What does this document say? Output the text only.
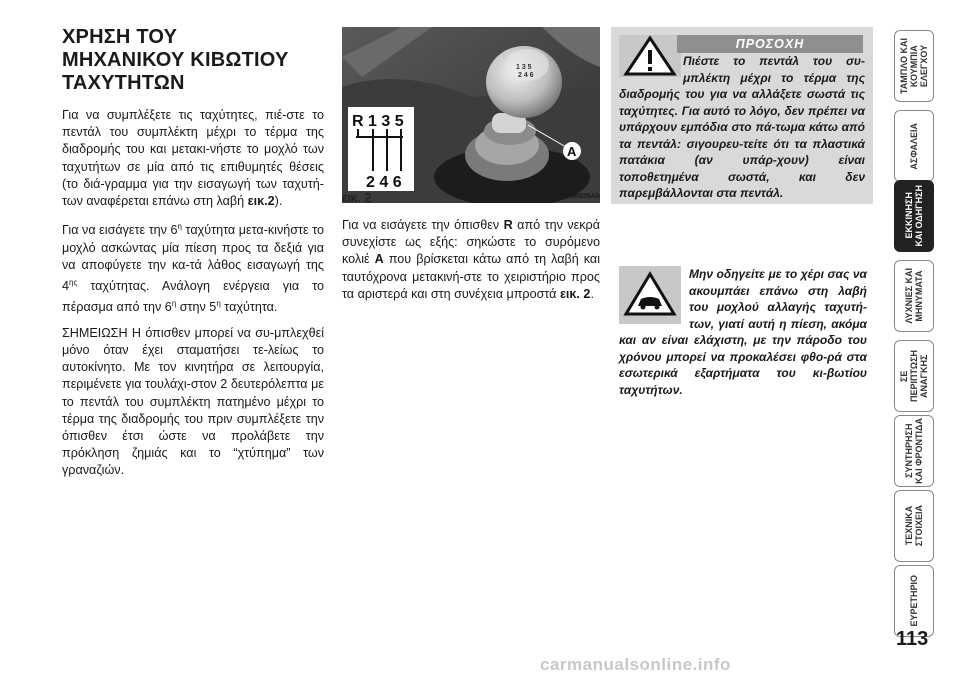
ΧΡΗΣΗ ΤΟΥ
ΜΗΧΑΝΙΚΟΥ ΚΙΒΩΤΙΟΥ
ΤΑΧΥΤΗΤΩΝ

Για να συμπλέξετε τις ταχύτητες, πιέ-στε το πεντάλ του συμπλέκτη μέχρι το τέρμα της διαδρομής του και μετακι-νήστε το μοχλό των ταχυτήτων σε μία από τις επιθυμητές θέσεις (το διά-γραμμα για την εισαγωγή των ταχυτή-των αναφέρεται επάνω στη λαβή εικ.2).

Για να εισάγετε την $6^\eta$ ταχύτητα μετα-κινήστε το μοχλό ασκώντας μία πίεση προς τα δεξιά για να αποφύγετε την κα-τά λάθος εισαγωγή της $4^{\eta\varsigma}$ ταχύτητας. Ανάλογη ενέργεια για το πέρασμα από την $6^\eta$ στην $5^\eta$ ταχύτητα.

ΣΗΜΕΙΩΣΗ Η όπισθεν μπορεί να συ-μπλεχθεί μόνο όταν έχει σταματήσει τε-λείως το αυτοκίνητο. Με τον κινητήρα σε λειτουργία, περιμένετε για τουλάχι-στον 2 δευτερόλεπτα με το πεντάλ του συμπλέκτη πατημένο μέχρι το τέρμα της διαδρομής του πριν συμπλέξετε την όπισθεν έτσι ώστε να προλάβετε την πρόκληση ζημιάς και το “χτύπημα” των γραναζιών.

1 3 5
2 4 6
R 1 3 5
2 4 6
A
εικ. 2	F0M035Ab

Για να εισάγετε την όπισθεν R από την νεκρά συνεχίστε ως εξής: σηκώστε το συρόμενο κολιέ A που βρίσκεται κάτω από τη λαβή και ταυτόχρονα μετακινή-στε το χειριστήριο προς τα αριστερά και στη συνέχεια μπροστά εικ. 2.

ΠΡΟΣΟΧΗ
Πιέστε το πεντάλ του συ-μπλέκτη μέχρι το τέρμα της διαδρομής του για να αλλάξετε σωστά τις ταχύτητες. Για αυτό το λόγο, δεν πρέπει να υπάρχουν εμπόδια στο πά-τωμα κάτω από τα πεντάλ: σιγουρευ-τείτε ότι τα πλαστικά πατάκια (αν υπάρ-χουν) είναι τοποθετημένα σωστά, και δεν παρεμβάλλονται στα πεντάλ.
Μην οδηγείτε με το χέρι σας να ακουμπάει επάνω στη λαβή του μοχλού αλλαγής ταχυτή-των, γιατί αυτή η πίεση, ακόμα και αν είναι ελάχιστη, με την πάροδο του χρόνου μπορεί να προκαλέσει φθο-ρά στα εσωτερικά εξαρτήματα του κι-βωτίου ταχυτήτων.
ΤΑΜΠΛΟ ΚΑΙ
ΚΟΥΜΠΙΑ
ΕΛΕΓΧΟΥ
ΑΣΦΑΛΕΙΑ
ΕΚΚΙΝΗΣΗ
ΚΑΙ ΟΔΗΓΗΣΗ
ΛΥΧΝΙΕΣ ΚΑΙ
ΜΗΝΥΜΑΤΑ
ΣΕ
ΠΕΡΙΠΤΩΣΗ
ΑΝΑΓΚΗΣ
ΣΥΝΤΗΡΗΣΗ
ΚΑΙ ΦΡΟΝΤΙΔΑ
ΤΕΧΝΙΚΑ
ΣΤΟΙΧΕΙΑ
ΕΥΡΕΤΗΡΙΟ
113
carmanualsonline.info
